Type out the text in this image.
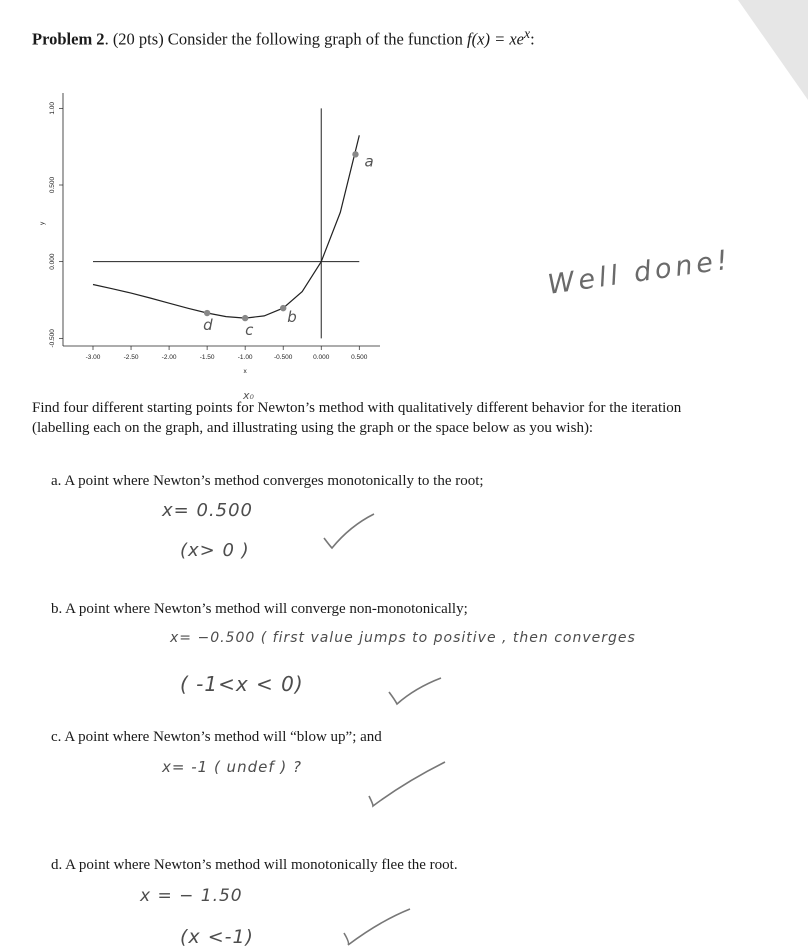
Problem 2. (20 pts) Consider the following graph of the function $f(x) = xe^x$:
-3.00	-2.50	-2.00	-1.50	-1.00	-0.500	0.000	0.500
-0.500
0.000
0.500
1.00
x
y
d c
b
a
x₀
Well done!
Find four different starting points for Newton’s method with qualitatively different behavior for the iteration (labelling each on the graph, and illustrating using the graph or the space below as you wish):
a. A point where Newton’s method converges monotonically to the root;
x= 0.500
(x> 0 )
b. A point where Newton’s method will converge non-monotonically;
x= −0.500 ( first value jumps to positive , then converges
( -1<x < 0)
c. A point where Newton’s method will “blow up”; and
x= -1 ( undef ) ?
d. A point where Newton’s method will monotonically flee the root.
x = − 1.50
(x <-1)
